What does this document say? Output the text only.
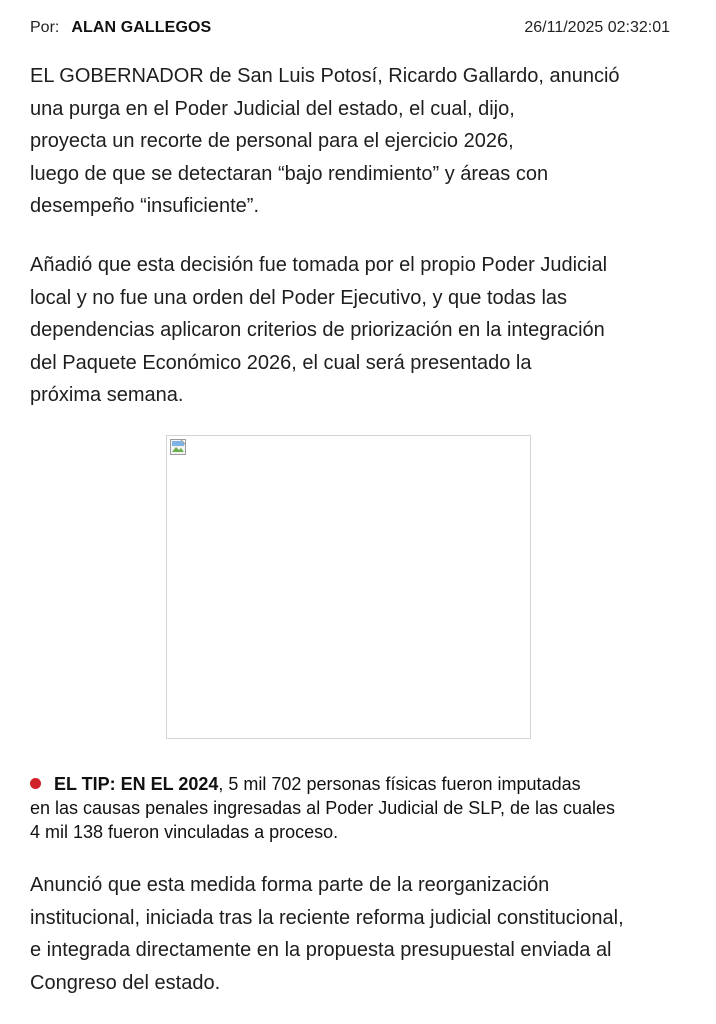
Por: ALAN GALLEGOS	26/11/2025 02:32:01

EL GOBERNADOR de San Luis Potosí, Ricardo Gallardo, anunció
una purga en el Poder Judicial del estado, el cual, dijo,
proyecta un recorte de personal para el ejercicio 2026,
luego de que se detectaran “bajo rendimiento” y áreas con
desempeño “insuficiente”.

Añadió que esta decisión fue tomada por el propio Poder Judicial
local y no fue una orden del Poder Ejecutivo, y que todas las
dependencias aplicaron criterios de priorización en la integración
del Paquete Económico 2026, el cual será presentado la
próxima semana.

EL TIP: EN EL 2024, 5 mil 702 personas físicas fueron imputadas
en las causas penales ingresadas al Poder Judicial de SLP, de las cuales
4 mil 138 fueron vinculadas a proceso.

Anunció que esta medida forma parte de la reorganización
institucional, iniciada tras la reciente reforma judicial constitucional,
e integrada directamente en la propuesta presupuestal enviada al
Congreso del estado.
